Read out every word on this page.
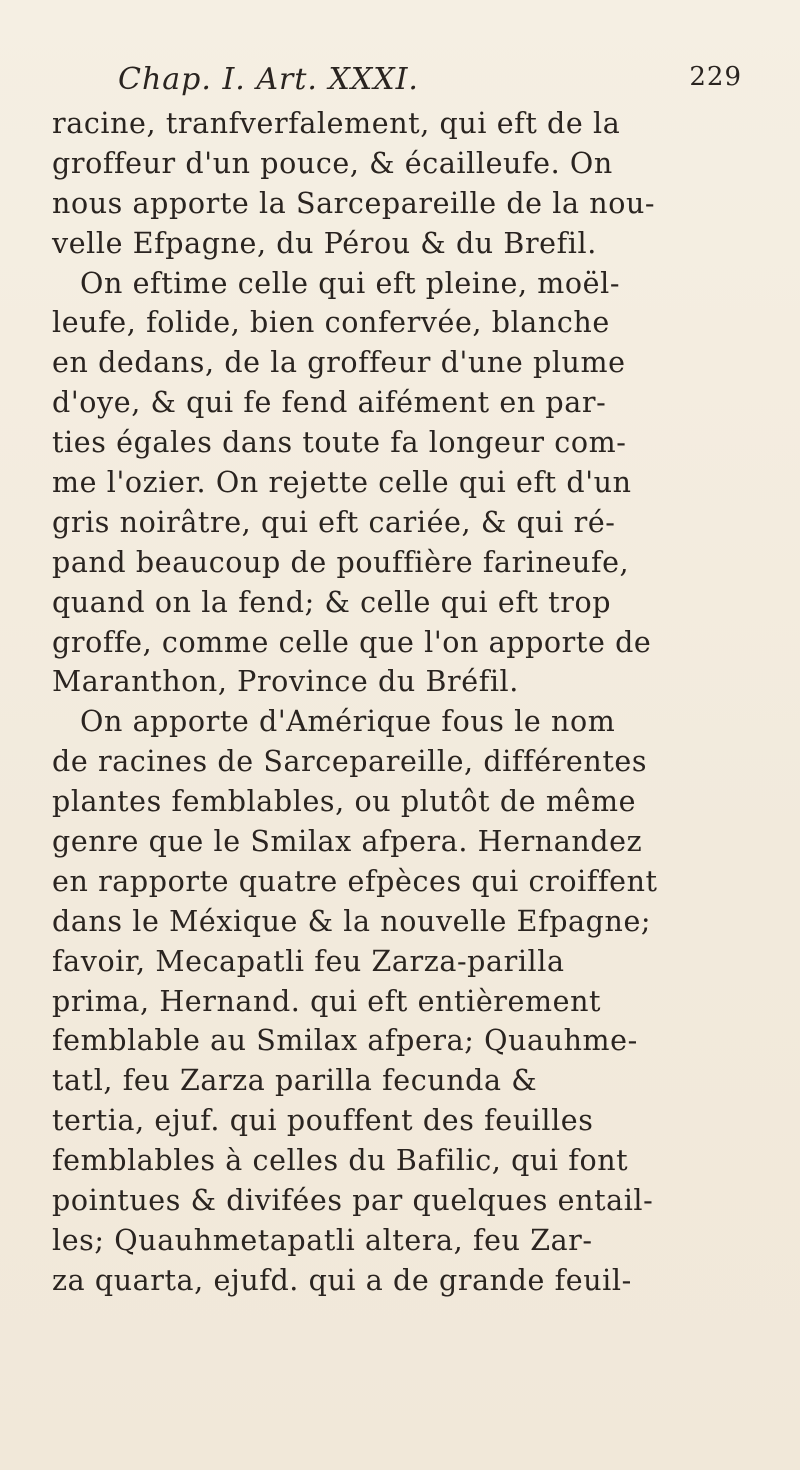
Chap. I. Art. XXXI.	229
racine, tranfverfalement, qui eft de la
groffeur d'un pouce, & écailleufe. On
nous apporte la Sarcepareille de la nou-
velle Efpagne, du Pérou & du Brefil.
On eftime celle qui eft pleine, moël-
leufe, folide, bien confervée, blanche
en dedans, de la groffeur d'une plume
d'oye, & qui fe fend aifément en par-
ties égales dans toute fa longeur com-
me l'ozier. On rejette celle qui eft d'un
gris noirâtre, qui eft cariée, & qui ré-
pand beaucoup de pouffière farineufe,
quand on la fend; & celle qui eft trop
groffe, comme celle que l'on apporte de
Maranthon, Province du Bréfil.
On apporte d'Amérique fous le nom
de racines de Sarcepareille, différentes
plantes femblables, ou plutôt de même
genre que le Smilax afpera. Hernandez
en rapporte quatre efpèces qui croiffent
dans le Méxique & la nouvelle Efpagne;
favoir, Mecapatli feu Zarza-parilla
prima, Hernand. qui eft entièrement
femblable au Smilax afpera; Quauhme-
tatl, feu Zarza parilla fecunda &
tertia, ejuf. qui pouffent des feuilles
femblables à celles du Bafilic, qui font
pointues & divifées par quelques entail-
les; Quauhmetapatli altera, feu Zar-
za quarta, ejufd. qui a de grande feuil-
